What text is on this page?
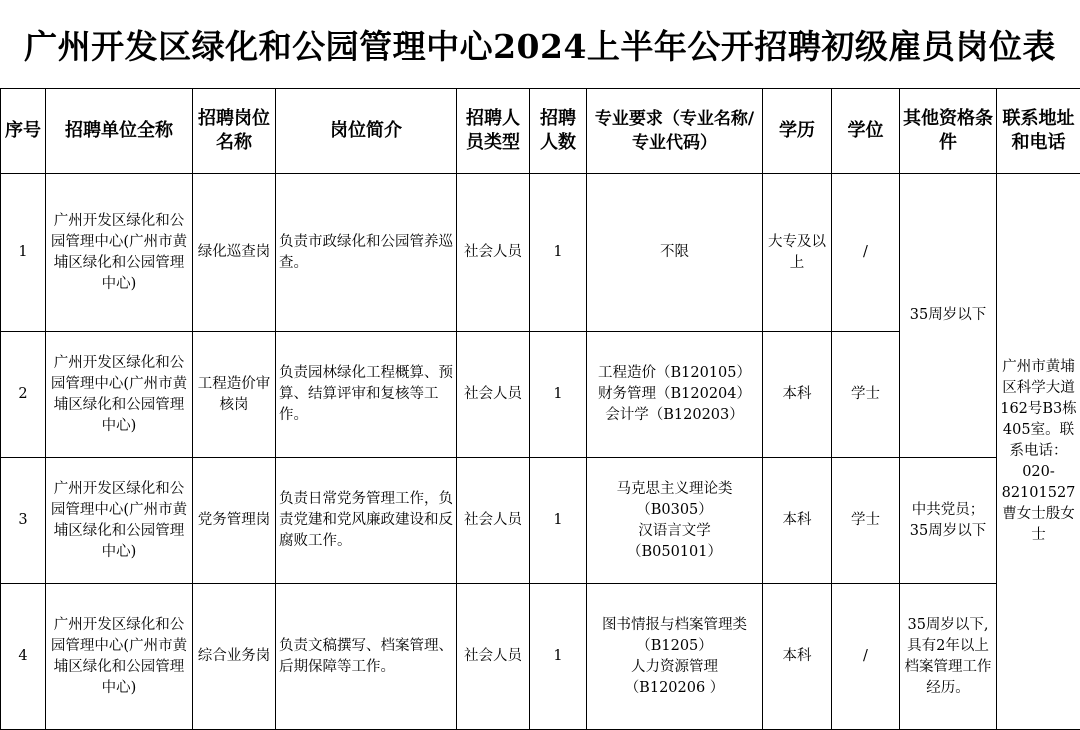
广州开发区绿化和公园管理中心2024上半年公开招聘初级雇员岗位表
序号	招聘单位全称	招聘岗位名称	岗位简介	招聘人员类型	招聘人数	专业要求（专业名称/专业代码）	学历	学位	其他资格条件	联系地址和电话
1	广州开发区绿化和公园管理中心(广州市黄埔区绿化和公园管理中心)	绿化巡查岗	负责市政绿化和公园管养巡查。	社会人员	1	不限	大专及以上	/	35周岁以下	广州市黄埔区科学大道162号B3栋405室。联系电话：020-82101527曹女士殷女士
2	广州开发区绿化和公园管理中心(广州市黄埔区绿化和公园管理中心)	工程造价审核岗	负责园林绿化工程概算、预算、结算评审和复核等工作。	社会人员	1	工程造价（B120105）
财务管理（B120204）
会计学（B120203）	本科	学士		
3	广州开发区绿化和公园管理中心(广州市黄埔区绿化和公园管理中心)	党务管理岗	负责日常党务管理工作，负责党建和党风廉政建设和反腐败工作。	社会人员	1	马克思主义理论类
（B0305）
汉语言文学
（B050101）	本科	学士	中共党员；35周岁以下	
4	广州开发区绿化和公园管理中心(广州市黄埔区绿化和公园管理中心)	综合业务岗	负责文稿撰写、档案管理、后期保障等工作。	社会人员	1	图书情报与档案管理类
（B1205）
人力资源管理
（B120206 ）	本科	/	35周岁以下,具有2年以上档案管理工作经历。	
